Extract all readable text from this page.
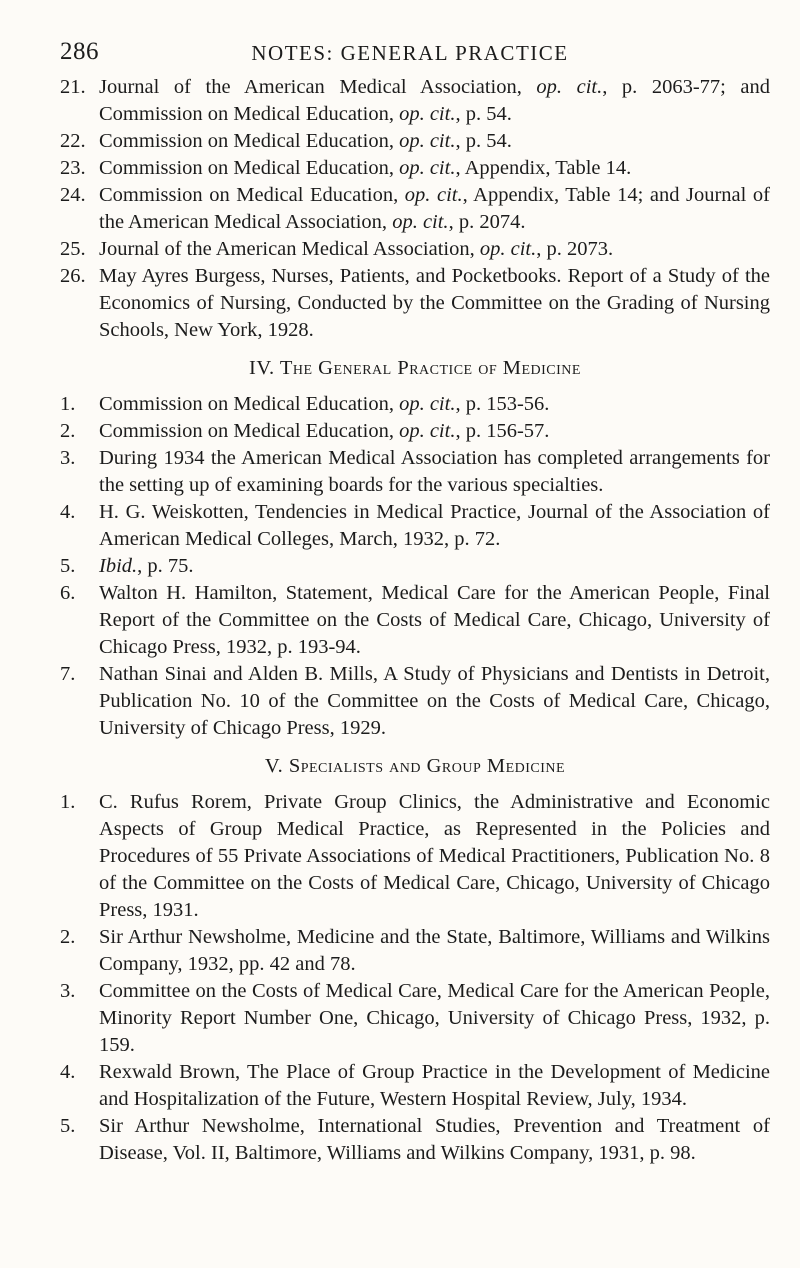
286	NOTES: GENERAL PRACTICE
21. Journal of the American Medical Association, op. cit., p. 2063-77; and Commission on Medical Education, op. cit., p. 54.
22. Commission on Medical Education, op. cit., p. 54.
23. Commission on Medical Education, op. cit., Appendix, Table 14.
24. Commission on Medical Education, op. cit., Appendix, Table 14; and Journal of the American Medical Association, op. cit., p. 2074.
25. Journal of the American Medical Association, op. cit., p. 2073.
26. May Ayres Burgess, Nurses, Patients, and Pocketbooks. Report of a Study of the Economics of Nursing, Conducted by the Committee on the Grading of Nursing Schools, New York, 1928.
IV. The General Practice of Medicine
1. Commission on Medical Education, op. cit., p. 153-56.
2. Commission on Medical Education, op. cit., p. 156-57.
3. During 1934 the American Medical Association has completed arrangements for the setting up of examining boards for the various specialties.
4. H. G. Weiskotten, Tendencies in Medical Practice, Journal of the Association of American Medical Colleges, March, 1932, p. 72.
5. Ibid., p. 75.
6. Walton H. Hamilton, Statement, Medical Care for the American People, Final Report of the Committee on the Costs of Medical Care, Chicago, University of Chicago Press, 1932, p. 193-94.
7. Nathan Sinai and Alden B. Mills, A Study of Physicians and Dentists in Detroit, Publication No. 10 of the Committee on the Costs of Medical Care, Chicago, University of Chicago Press, 1929.
V. Specialists and Group Medicine
1. C. Rufus Rorem, Private Group Clinics, the Administrative and Economic Aspects of Group Medical Practice, as Represented in the Policies and Procedures of 55 Private Associations of Medical Practitioners, Publication No. 8 of the Committee on the Costs of Medical Care, Chicago, University of Chicago Press, 1931.
2. Sir Arthur Newsholme, Medicine and the State, Baltimore, Williams and Wilkins Company, 1932, pp. 42 and 78.
3. Committee on the Costs of Medical Care, Medical Care for the American People, Minority Report Number One, Chicago, University of Chicago Press, 1932, p. 159.
4. Rexwald Brown, The Place of Group Practice in the Development of Medicine and Hospitalization of the Future, Western Hospital Review, July, 1934.
5. Sir Arthur Newsholme, International Studies, Prevention and Treatment of Disease, Vol. II, Baltimore, Williams and Wilkins Company, 1931, p. 98.
